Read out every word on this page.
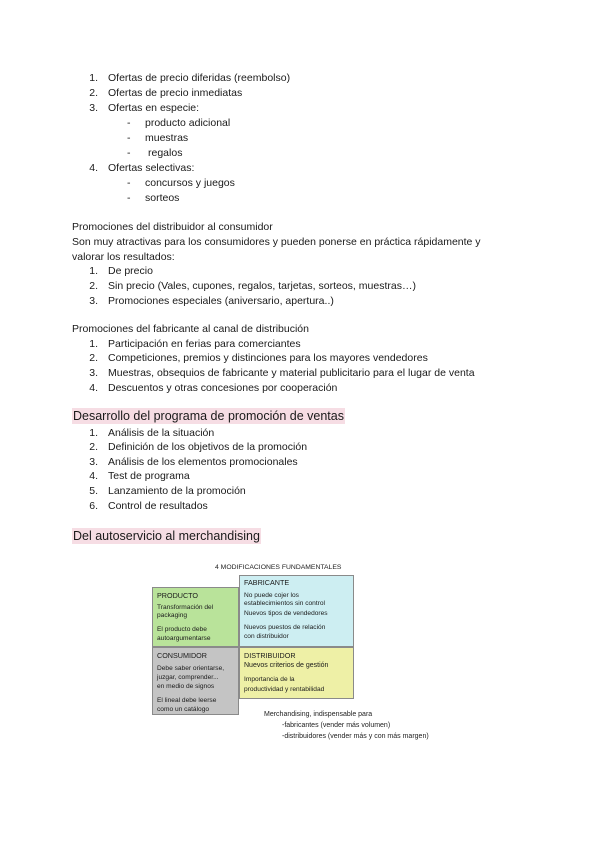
1. Ofertas de precio diferidas (reembolso)
2. Ofertas de precio inmediatas
3. Ofertas en especie:
- producto adicional
- muestras
- regalos
4. Ofertas selectivas:
- concursos y juegos
- sorteos
Promociones del distribuidor al consumidor
Son muy atractivas para los consumidores y pueden ponerse en práctica rápidamente y
valorar los resultados:
1. De precio
2. Sin precio (Vales, cupones, regalos, tarjetas, sorteos, muestras…)
3. Promociones especiales (aniversario, apertura..)
Promociones del fabricante al canal de distribución
1. Participación en ferias para comerciantes
2. Competiciones, premios y distinciones para los mayores vendedores
3. Muestras, obsequios de fabricante y material publicitario para el lugar de venta
4. Descuentos y otras concesiones por cooperación
Desarrollo del programa de promoción de ventas
1. Análisis de la situación
2. Definición de los objetivos de la promoción
3. Análisis de los elementos promocionales
4. Test de programa
5. Lanzamiento de la promoción
6. Control de resultados
Del autoservicio al merchandising
4 MODIFICACIONES FUNDAMENTALES
PRODUCTO
Transformación del
packaging
El producto debe
autoargumentarse
FABRICANTE
No puede cojer los
establecimientos sin control
Nuevos tipos de vendedores
Nuevos puestos de relación
con distribuidor
CONSUMIDOR
Debe saber orientarse,
juzgar, comprender...
en medio de signos
El lineal debe leerse
como un catálogo
DISTRIBUIDOR
Nuevos criterios de gestión
Importancia de la
productividad y rentabilidad
Merchandising, indispensable para
-fabricantes (vender más volumen)
-distribuidores (vender más y con más margen)
